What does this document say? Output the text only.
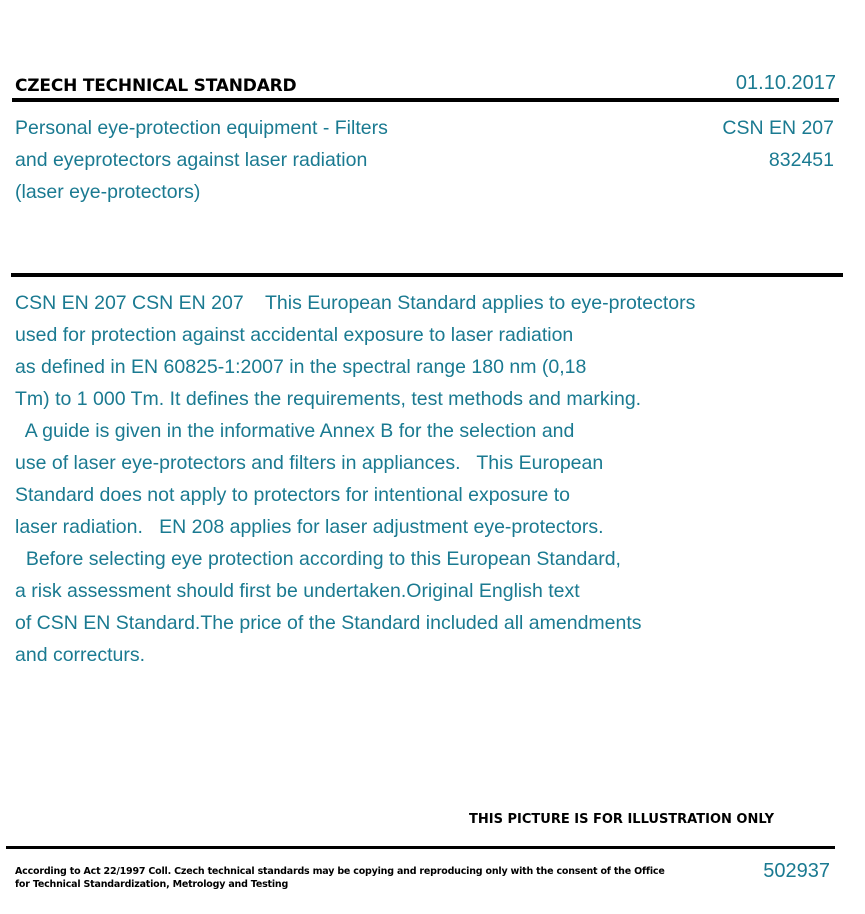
CZECH TECHNICAL STANDARD	01.10.2017
Personal eye-protection equipment - Filters
and eyeprotectors against laser radiation
(laser eye-protectors)
CSN EN 207
832451
CSN EN 207 CSN EN 207    This European Standard applies to eye-protectors
used for protection against accidental exposure to laser radiation
as defined in EN 60825-1:2007 in the spectral range 180 nm (0,18
Tm) to 1 000 Tm. It defines the requirements, test methods and marking.
A guide is given in the informative Annex B for the selection and
use of laser eye-protectors and filters in appliances.   This European
Standard does not apply to protectors for intentional exposure to
laser radiation.   EN 208 applies for laser adjustment eye-protectors.
Before selecting eye protection according to this European Standard,
a risk assessment should first be undertaken.Original English text
of CSN EN Standard.The price of the Standard included all amendments
and correcturs.
THIS PICTURE IS FOR ILLUSTRATION ONLY
According to Act 22/1997 Coll. Czech technical standards may be copying and reproducing only with the consent of the Office
for Technical Standardization, Metrology and Testing
502937
